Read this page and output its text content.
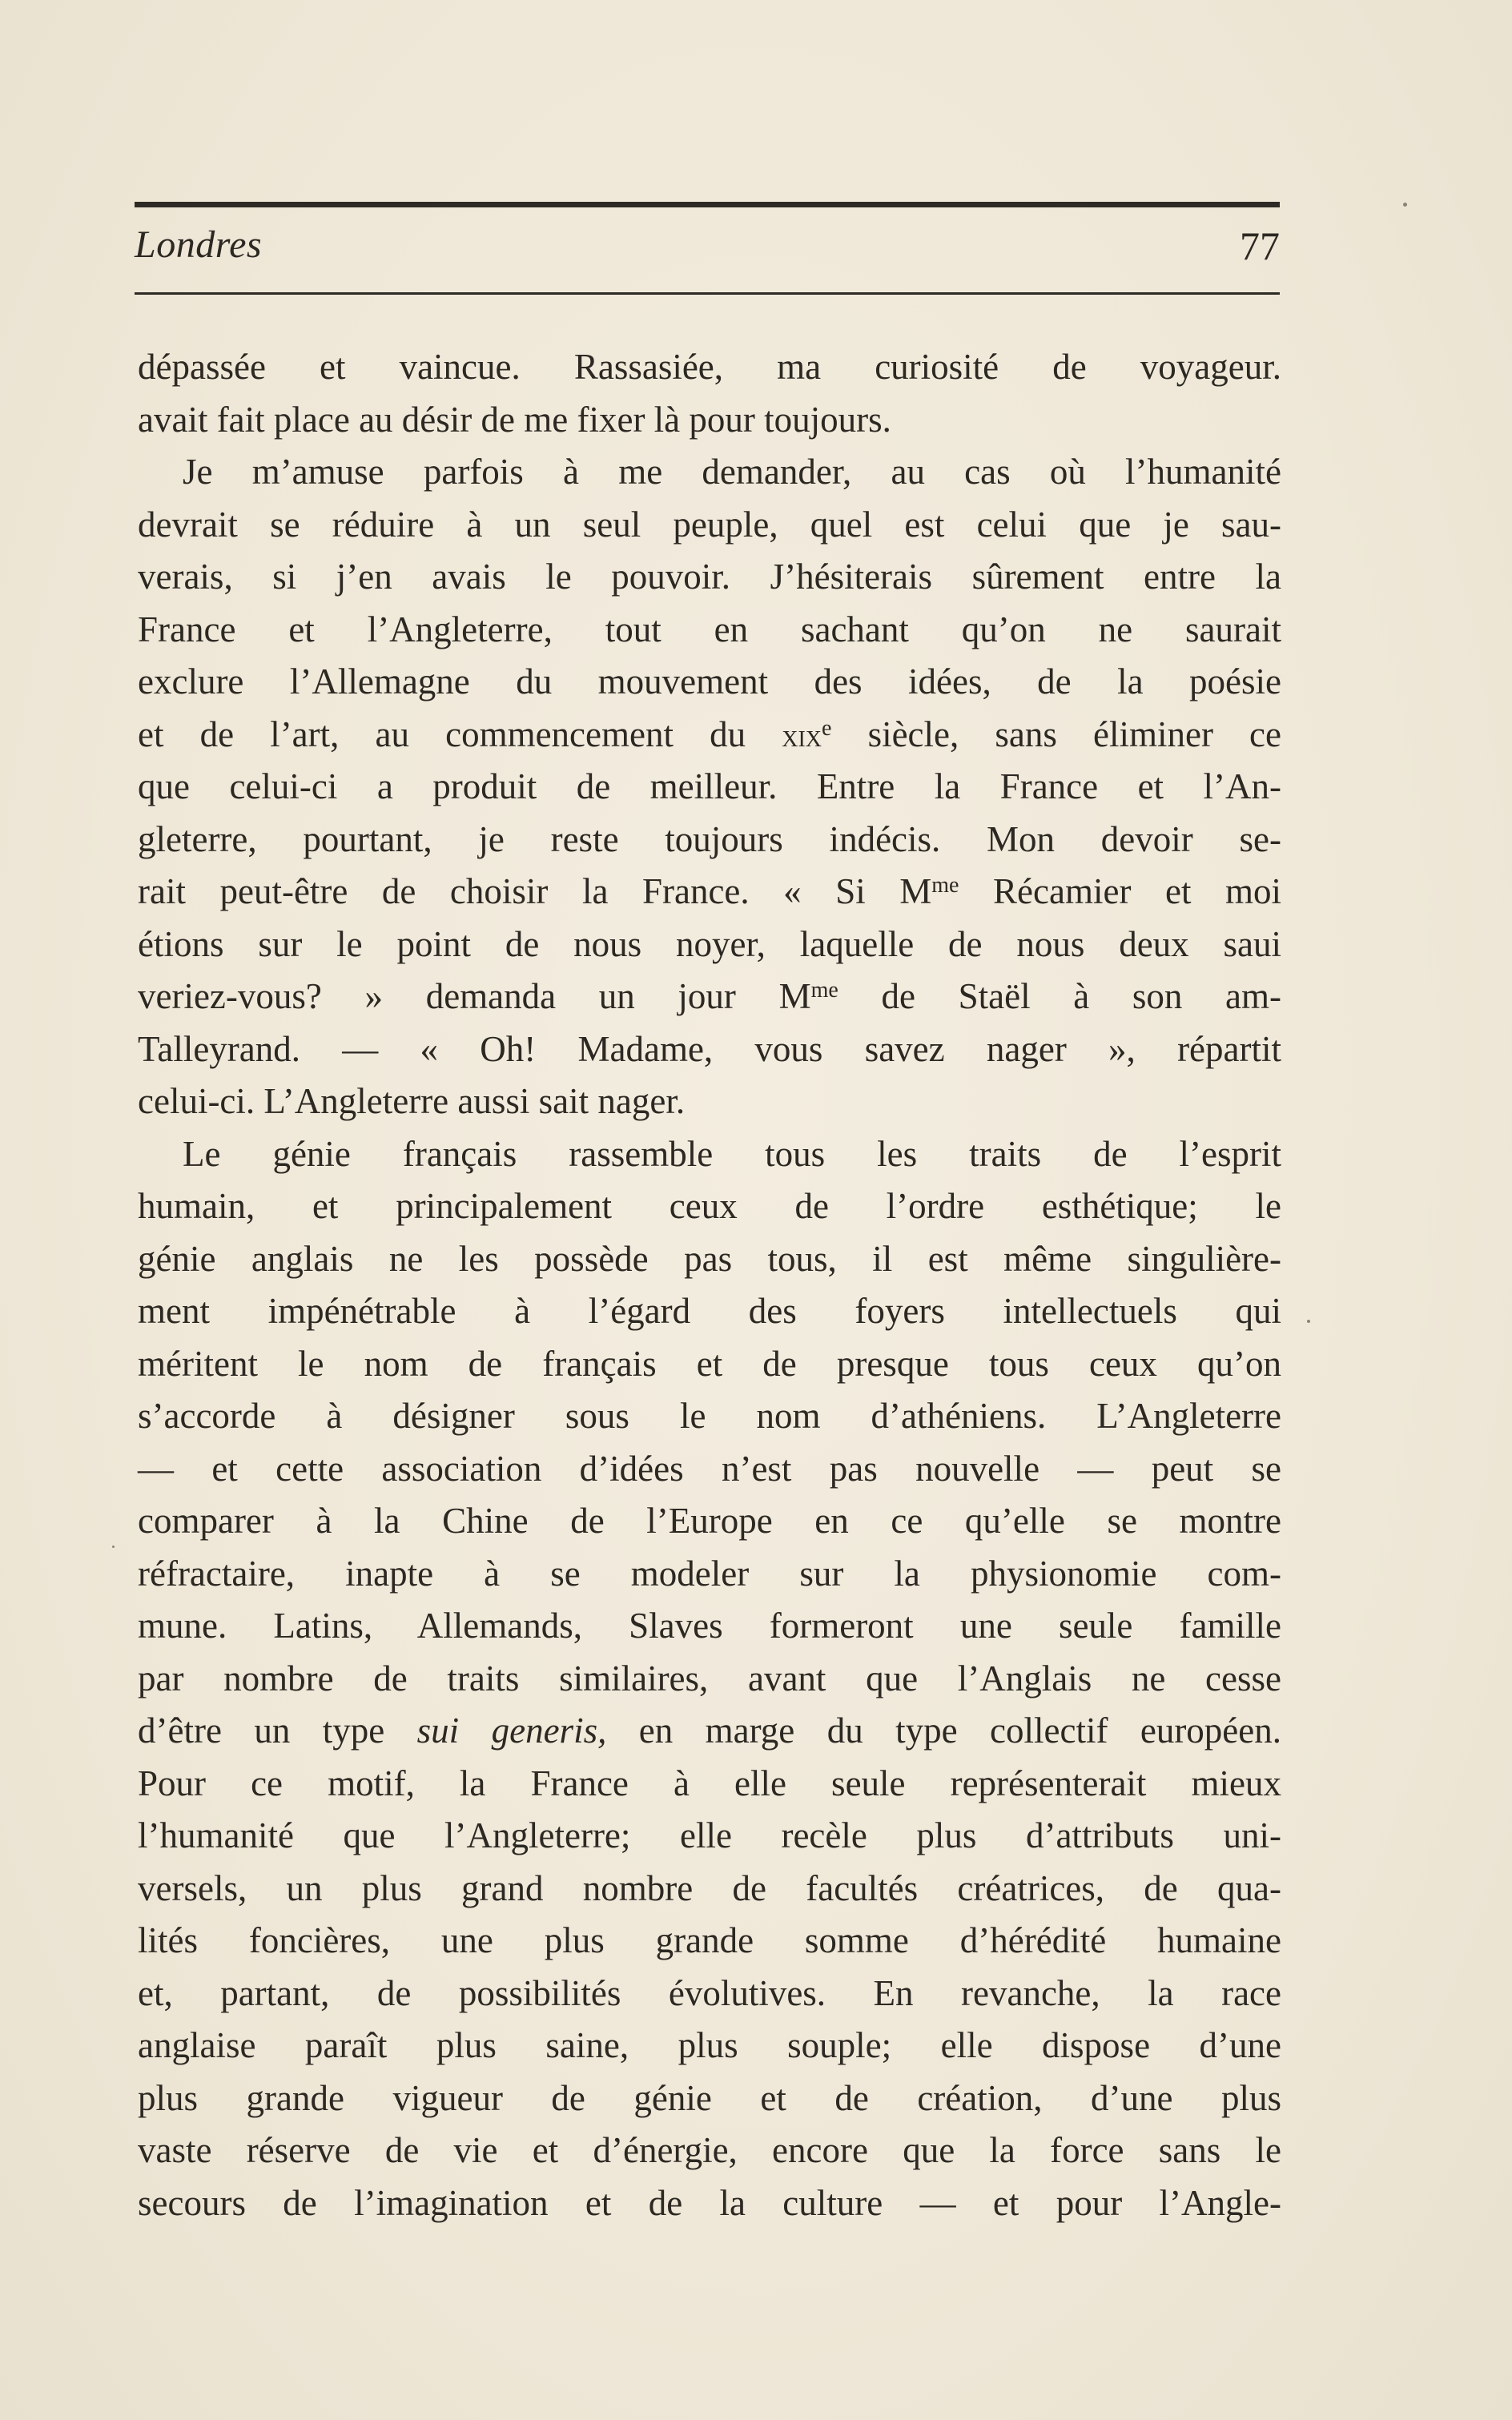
Londres	77
dépassée et vaincue. Rassasiée, ma curiosité de voyageur.
avait fait place au désir de me fixer là pour toujours.
Je m’amuse parfois à me demander, au cas où l’humanité
devrait se réduire à un seul peuple, quel est celui que je sau-
verais, si j’en avais le pouvoir. J’hésiterais sûrement entre la
France et l’Angleterre, tout en sachant qu’on ne saurait
exclure l’Allemagne du mouvement des idées, de la poésie
et de l’art, au commencement du xix$^e$ siècle, sans éliminer ce
que celui-ci a produit de meilleur. Entre la France et l’An-
gleterre, pourtant, je reste toujours indécis. Mon devoir se-
rait peut-être de choisir la France. « Si $M^{me}$ Récamier et moi
étions sur le point de nous noyer, laquelle de nous deux saui
veriez-vous? » demanda un jour $M^{me}$ de Staël à son am-
Talleyrand. — « Oh! Madame, vous savez nager », répartit
celui-ci. L’Angleterre aussi sait nager.
Le génie français rassemble tous les traits de l’esprit
humain, et principalement ceux de l’ordre esthétique; le
génie anglais ne les possède pas tous, il est même singulière-
ment impénétrable à l’égard des foyers intellectuels qui
méritent le nom de français et de presque tous ceux qu’on
s’accorde à désigner sous le nom d’athéniens. L’Angleterre
— et cette association d’idées n’est pas nouvelle — peut se
comparer à la Chine de l’Europe en ce qu’elle se montre
réfractaire, inapte à se modeler sur la physionomie com-
mune. Latins, Allemands, Slaves formeront une seule famille
par nombre de traits similaires, avant que l’Anglais ne cesse
d’être un type sui generis, en marge du type collectif européen.
Pour ce motif, la France à elle seule représenterait mieux
l’humanité que l’Angleterre; elle recèle plus d’attributs uni-
versels, un plus grand nombre de facultés créatrices, de qua-
lités foncières, une plus grande somme d’hérédité humaine
et, partant, de possibilités évolutives. En revanche, la race
anglaise paraît plus saine, plus souple; elle dispose d’une
plus grande vigueur de génie et de création, d’une plus
vaste réserve de vie et d’énergie, encore que la force sans le
secours de l’imagination et de la culture — et pour l’Angle-
